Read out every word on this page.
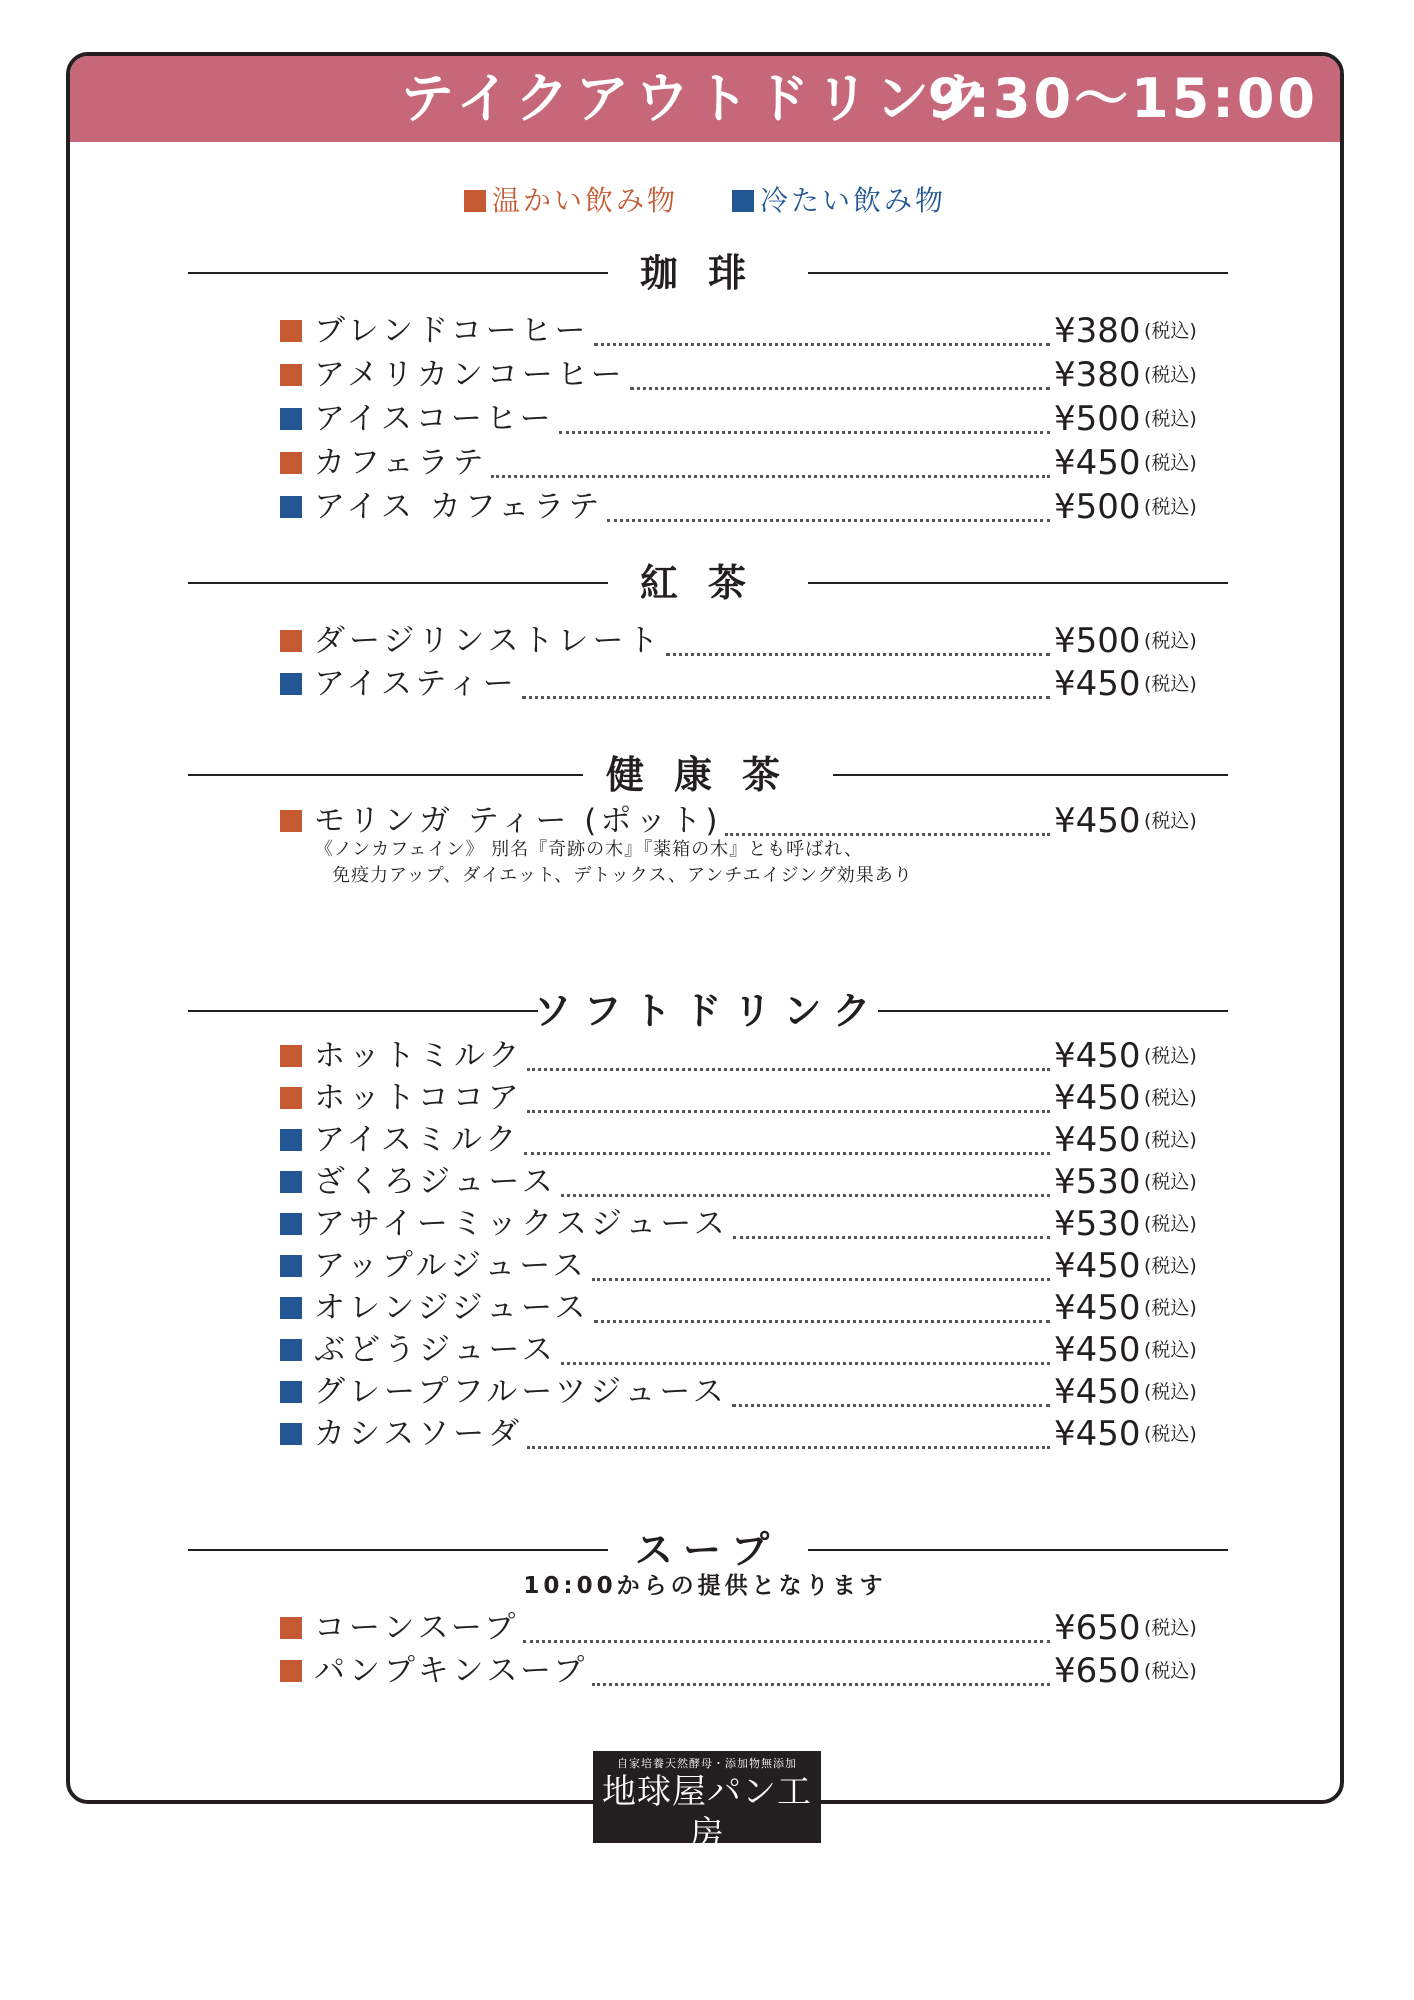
テイクアウトドリンク
9:30〜15:00
温かい飲み物	冷たい飲み物
珈琲
ブレンドコーヒー	¥380 (税込)
アメリカンコーヒー	¥380 (税込)
アイスコーヒー	¥500 (税込)
カフェラテ	¥450 (税込)
アイス カフェラテ	¥500 (税込)
紅茶
ダージリンストレート	¥500 (税込)
アイスティー	¥450 (税込)
健康茶
モリンガ ティー (ポット)	¥450 (税込)
《ノンカフェイン》 別名『奇跡の木』『薬箱の木』とも呼ばれ、
免疫力アップ、ダイエット、デトックス、アンチエイジング効果あり
ソフトドリンク
ホットミルク	¥450 (税込)
ホットココア	¥450 (税込)
アイスミルク	¥450 (税込)
ざくろジュース	¥530 (税込)
アサイーミックスジュース	¥530 (税込)
アップルジュース	¥450 (税込)
オレンジジュース	¥450 (税込)
ぶどうジュース	¥450 (税込)
グレープフルーツジュース	¥450 (税込)
カシスソーダ	¥450 (税込)
スープ
10:00からの提供となります
コーンスープ	¥650 (税込)
パンプキンスープ	¥650 (税込)
自家培養天然酵母・添加物無添加
地球屋パン工房
Bakery & Cafe
